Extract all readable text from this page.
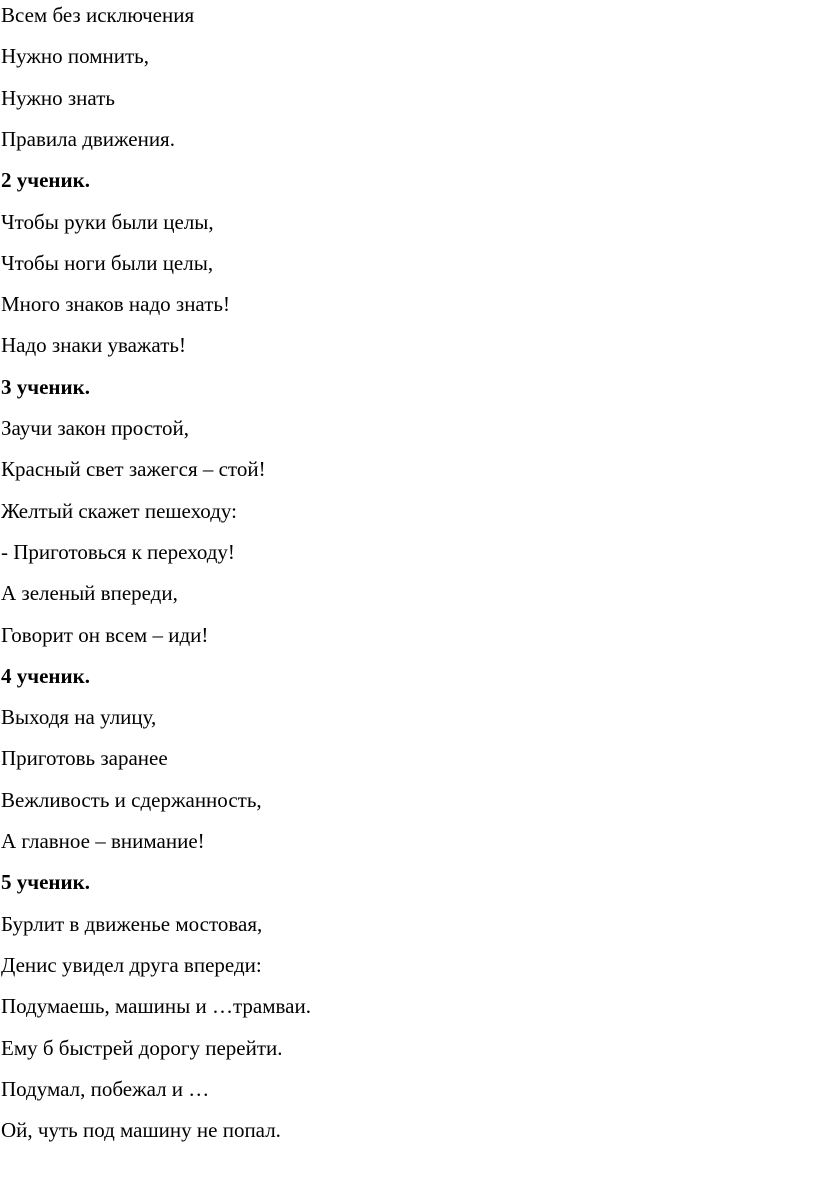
Всем без исключения
Нужно помнить,
Нужно знать
Правила движения.
2 ученик.
Чтобы руки были целы,
Чтобы ноги были целы,
Много знаков надо знать!
Надо знаки уважать!
3 ученик.
Заучи закон простой,
Красный свет зажегся – стой!
Желтый скажет пешеходу:
- Приготовься к переходу!
А зеленый впереди,
Говорит он всем – иди!
4 ученик.
Выходя на улицу,
Приготовь заранее
Вежливость и сдержанность,
А главное – внимание!
5 ученик.
Бурлит в движенье мостовая,
Денис увидел друга впереди:
Подумаешь, машины и …трамваи.
Ему б быстрей дорогу перейти.
Подумал, побежал и …
Ой, чуть под машину не попал.
